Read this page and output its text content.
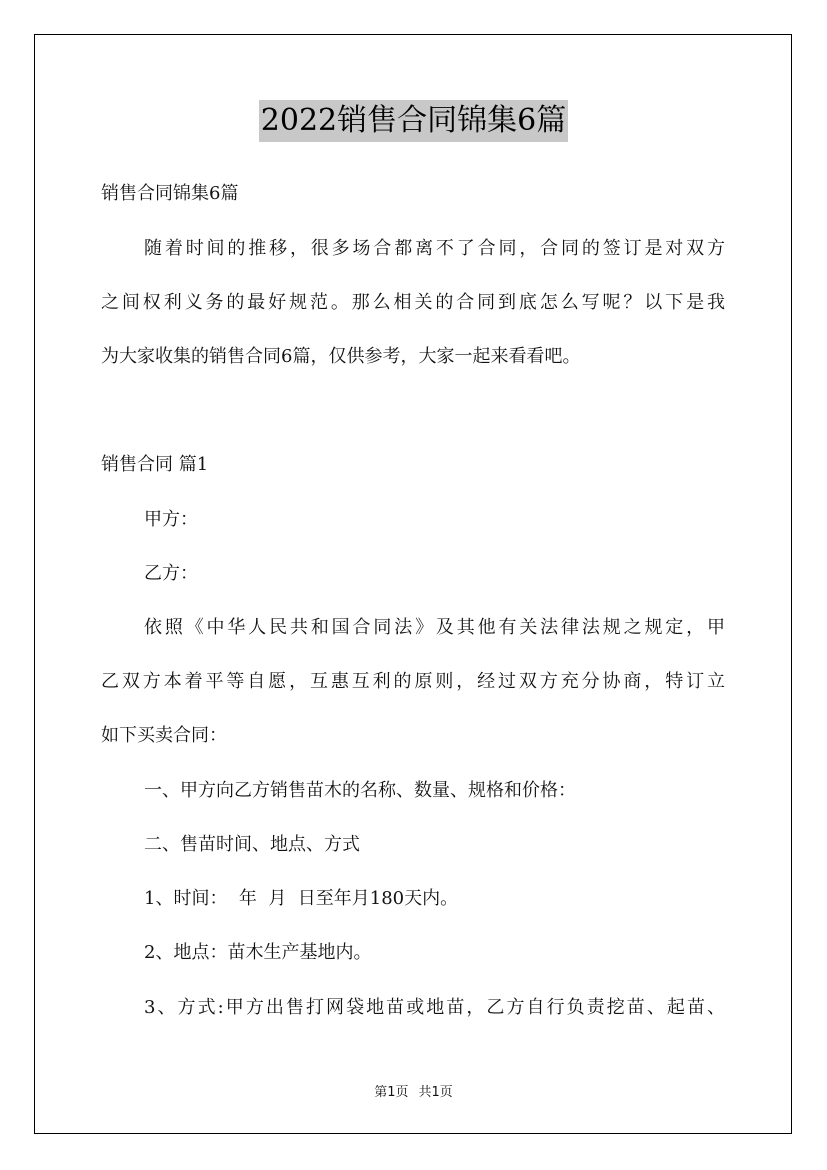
2022销售合同锦集6篇
销售合同锦集6篇
随着时间的推移，很多场合都离不了合同，合同的签订是对双方
之间权利义务的最好规范。那么相关的合同到底怎么写呢？以下是我
为大家收集的销售合同6篇，仅供参考，大家一起来看看吧。
销售合同 篇1
甲方：
乙方：
依照《中华人民共和国合同法》及其他有关法律法规之规定，甲
乙双方本着平等自愿，互惠互利的原则，经过双方充分协商，特订立
如下买卖合同：
一、甲方向乙方销售苗木的名称、数量、规格和价格：
二、售苗时间、地点、方式
1、时间：  年  月  日至年月180天内。
2、地点：苗木生产基地内。
3、方式:甲方出售打网袋地苗或地苗，乙方自行负责挖苗、起苗、
第1页 共1页
